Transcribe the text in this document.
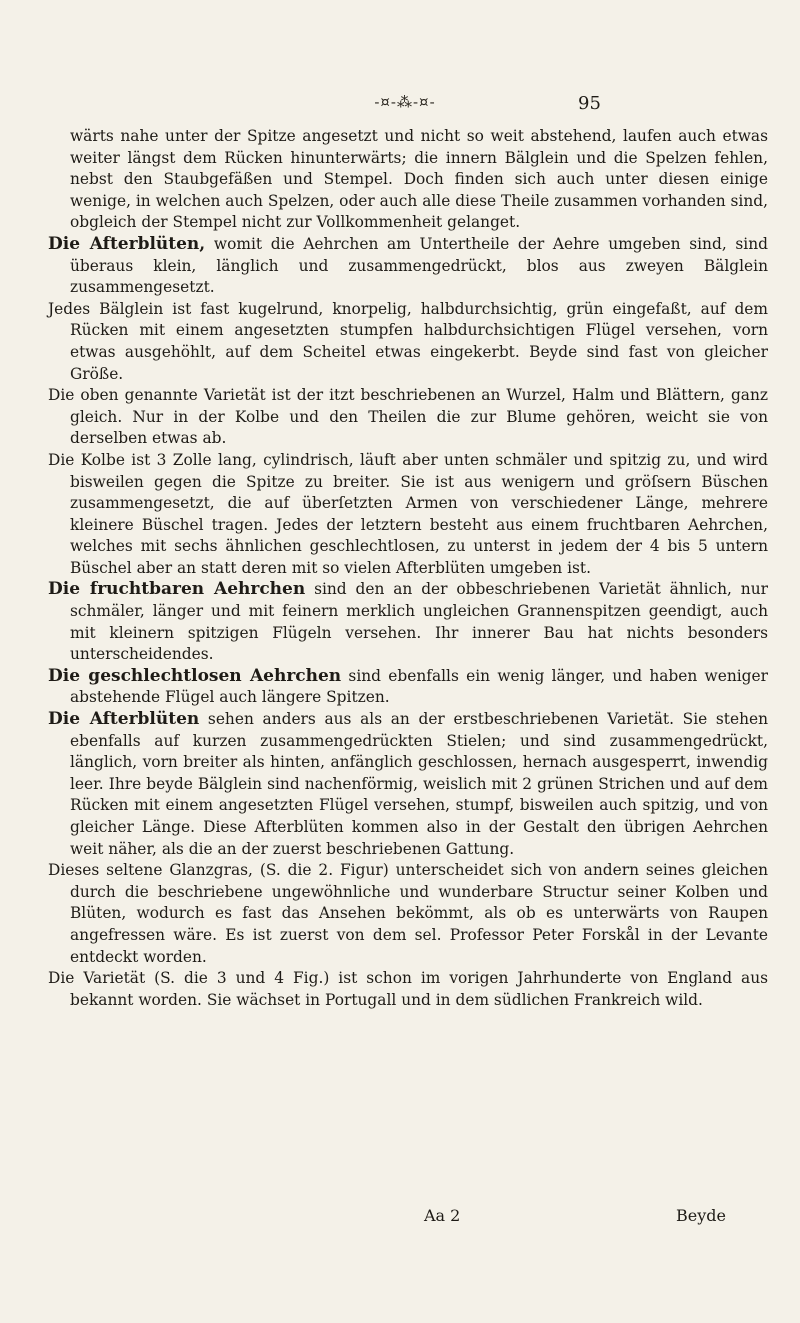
-¤-⁂-¤-	95

wärts nahe unter der Spitze angesetzt und nicht so weit abstehend, laufen auch etwas weiter längst dem Rücken hinunterwärts; die innern Bälglein und die Spelzen fehlen, nebst den Staubgefäßen und Stempel. Doch finden sich auch unter diesen einige wenige, in welchen auch Spelzen, oder auch alle diese Theile zusammen vorhanden sind, obgleich der Stempel nicht zur Vollkommenheit gelanget.

Die Afterblüten, womit die Aehrchen am Untertheile der Aehre umgeben sind, sind überaus klein, länglich und zusammengedrückt, blos aus zweyen Bälglein zusammengesetzt.

Jedes Bälglein ist fast kugelrund, knorpelig, halbdurchsichtig, grün eingefaßt, auf dem Rücken mit einem angesetzten stumpfen halbdurchsichtigen Flügel versehen, vorn etwas ausgehöhlt, auf dem Scheitel etwas eingekerbt. Beyde sind fast von gleicher Größe.

Die oben genannte Varietät ist der itzt beschriebenen an Wurzel, Halm und Blättern, ganz gleich. Nur in der Kolbe und den Theilen die zur Blume gehören, weicht sie von derselben etwas ab.

Die Kolbe ist 3 Zolle lang, cylindrisch, läuft aber unten schmäler und spitzig zu, und wird bisweilen gegen die Spitze zu breiter. Sie ist aus wenigern und gröſsern Büschen zusammengesetzt, die auf überſetzten Armen von verschiedener Länge, mehrere kleinere Büschel tragen. Jedes der letztern besteht aus einem fruchtbaren Aehrchen, welches mit sechs ähnlichen geschlechtlosen, zu unterst in jedem der 4 bis 5 untern Büschel aber an statt deren mit so vielen Afterblüten umgeben ist.

Die fruchtbaren Aehrchen sind den an der obbeschriebenen Varietät ähnlich, nur schmäler, länger und mit feinern merklich ungleichen Grannenspitzen geendigt, auch mit kleinern spitzigen Flügeln versehen. Ihr innerer Bau hat nichts besonders unterscheidendes.

Die geschlechtlosen Aehrchen sind ebenfalls ein wenig länger, und haben weniger abstehende Flügel auch längere Spitzen.

Die Afterblüten sehen anders aus als an der erstbeschriebenen Varietät. Sie stehen ebenfalls auf kurzen zusammengedrückten Stielen; und sind zusammengedrückt, länglich, vorn breiter als hinten, anfänglich geschlossen, hernach ausgesperrt, inwendig leer. Ihre beyde Bälglein sind nachenförmig, weislich mit 2 grünen Strichen und auf dem Rücken mit einem angesetzten Flügel versehen, stumpf, bisweilen auch spitzig, und von gleicher Länge. Diese Afterblüten kommen also in der Gestalt den übrigen Aehrchen weit näher, als die an der zuerst beschriebenen Gattung.

Dieses seltene Glanzgras, (S. die 2. Figur) unterscheidet sich von andern seines gleichen durch die beschriebene ungewöhnliche und wunderbare Structur seiner Kolben und Blüten, wodurch es fast das Ansehen bekömmt, als ob es unterwärts von Raupen angefressen wäre. Es ist zuerst von dem sel. Professor Peter Forskål in der Levante entdeckt worden.

Die Varietät (S. die 3 und 4 Fig.) ist schon im vorigen Jahrhunderte von England aus bekannt worden. Sie wächset in Portugall und in dem südlichen Frankreich wild.

Aa 2	Beyde
